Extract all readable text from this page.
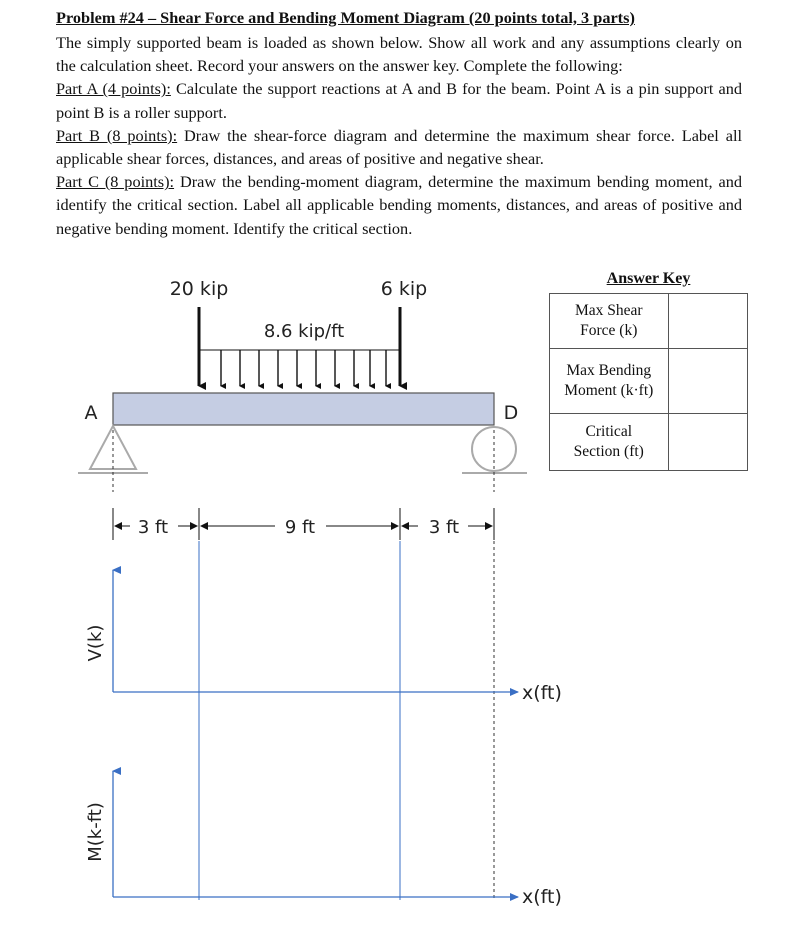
Problem #24 – Shear Force and Bending Moment Diagram (20 points total, 3 parts)

The simply supported beam is loaded as shown below. Show all work and any assumptions clearly on the calculation sheet. Record your answers on the answer key. Complete the following:

Part A (4 points): Calculate the support reactions at A and B for the beam. Point A is a pin support and point B is a roller support.

Part B (8 points): Draw the shear-force diagram and determine the maximum shear force. Label all applicable shear forces, distances, and areas of positive and negative shear.

Part C (8 points): Draw the bending-moment diagram, determine the maximum bending moment, and identify the critical section. Label all applicable bending moments, distances, and areas of positive and negative bending moment. Identify the critical section.

20 kip	6 kip
8.6 kip/ft
A	D
3 ft	9 ft	3 ft
V(k)
x(ft)
M(k-ft)
x(ft)
Answer Key
Max Shear
Force (k)	
Max Bending
Moment (k·ft)	
Critical
Section (ft)	
